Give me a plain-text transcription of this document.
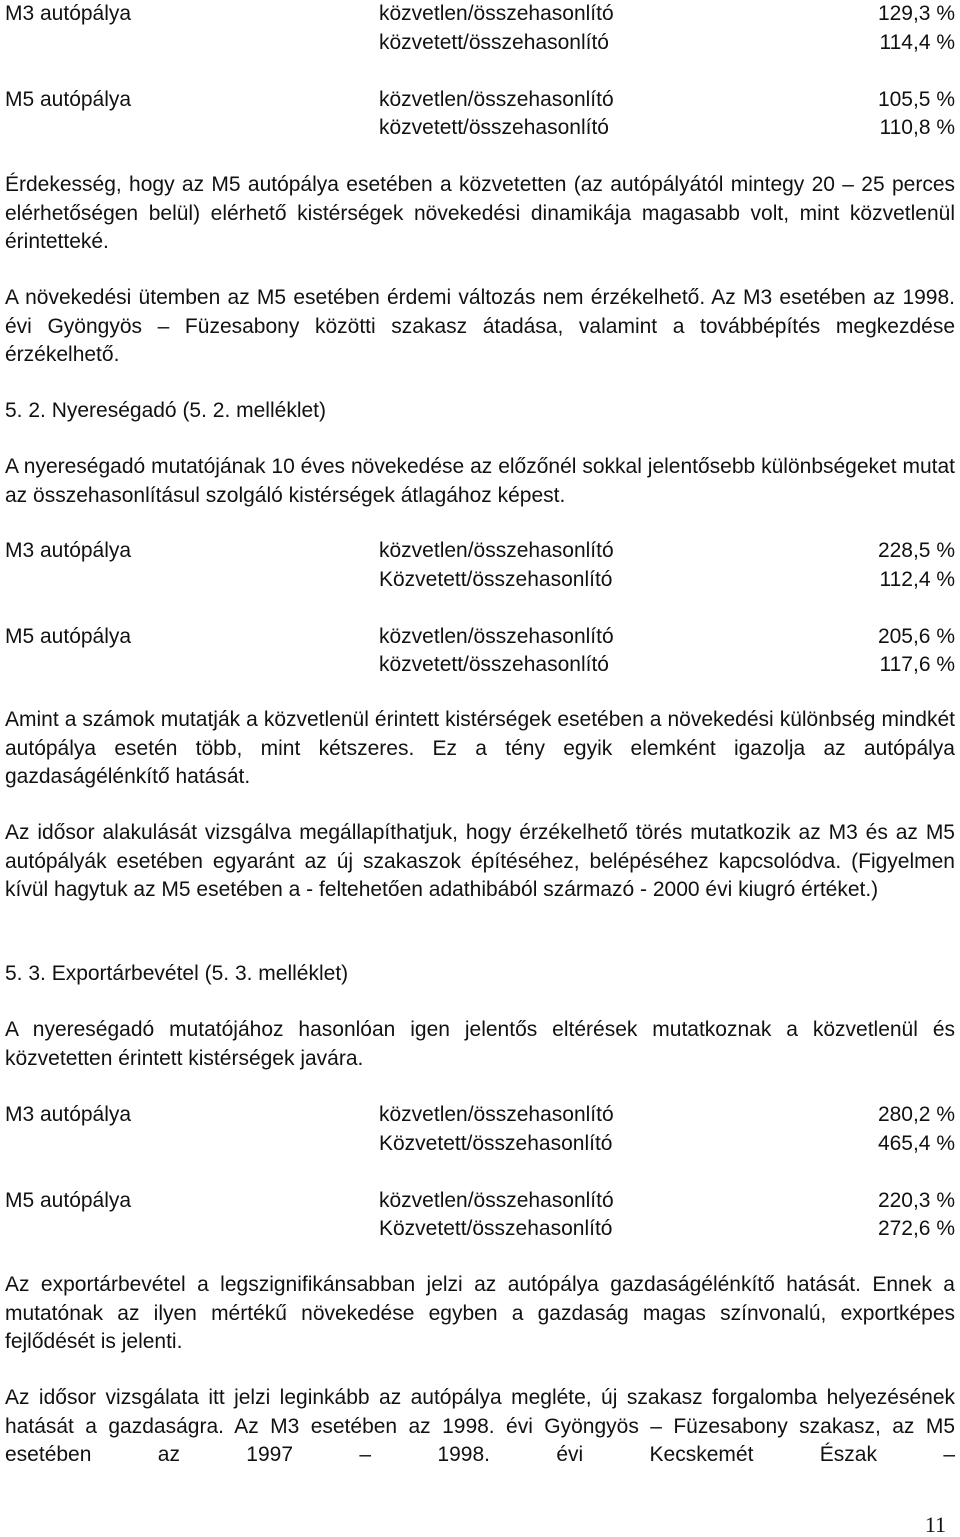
M3 autópálya	közvetlen/összehasonlító	129,3 %
közvetett/összehasonlító	114,4 %
M5 autópálya	közvetlen/összehasonlító	105,5 %
közvetett/összehasonlító	110,8 %

Érdekesség, hogy az M5 autópálya esetében a közvetetten (az autópályától mintegy 20 – 25 perces elérhetőségen belül) elérhető kistérségek növekedési dinamikája magasabb volt, mint közvetlenül érintetteké.

A növekedési ütemben az M5 esetében érdemi változás nem érzékelhető. Az M3 esetében az 1998. évi Gyöngyös – Füzesabony közötti szakasz átadása, valamint a továbbépítés megkezdése érzékelhető.

5. 2. Nyereségadó (5. 2. melléklet)

A nyereségadó mutatójának 10 éves növekedése az előzőnél sokkal jelentősebb különbségeket mutat az összehasonlításul szolgáló kistérségek átlagához képest.

M3 autópálya	közvetlen/összehasonlító	228,5 %
Közvetett/összehasonlító	112,4 %
M5 autópálya	közvetlen/összehasonlító	205,6 %
közvetett/összehasonlító	117,6 %

Amint a számok mutatják a közvetlenül érintett kistérségek esetében a növekedési különbség mindkét autópálya esetén több, mint kétszeres. Ez a tény egyik elemként igazolja az autópálya gazdaságélénkítő hatását.

Az idősor alakulását vizsgálva megállapíthatjuk, hogy érzékelhető törés mutatkozik az M3 és az M5 autópályák esetében egyaránt az új szakaszok építéséhez, belépéséhez kapcsolódva. (Figyelmen kívül hagytuk az M5 esetében a - feltehetően adathibából származó - 2000 évi kiugró értéket.)

5. 3. Exportárbevétel (5. 3. melléklet)

A nyereségadó mutatójához hasonlóan igen jelentős eltérések mutatkoznak a közvetlenül és közvetetten érintett kistérségek javára.

M3 autópálya	közvetlen/összehasonlító	280,2 %
Közvetett/összehasonlító	465,4 %
M5 autópálya	közvetlen/összehasonlító	220,3 %
Közvetett/összehasonlító	272,6 %

Az exportárbevétel a legszignifikánsabban jelzi az autópálya gazdaságélénkítő hatását. Ennek a mutatónak az ilyen mértékű növekedése egyben a gazdaság magas színvonalú, exportképes fejlődését is jelenti.

Az idősor vizsgálata itt jelzi leginkább az autópálya megléte, új szakasz forgalomba helyezésének hatását a gazdaságra. Az M3 esetében az 1998. évi Gyöngyös – Füzesabony szakasz, az M5 esetében az 1997 – 1998. évi Kecskemét Észak –

11
